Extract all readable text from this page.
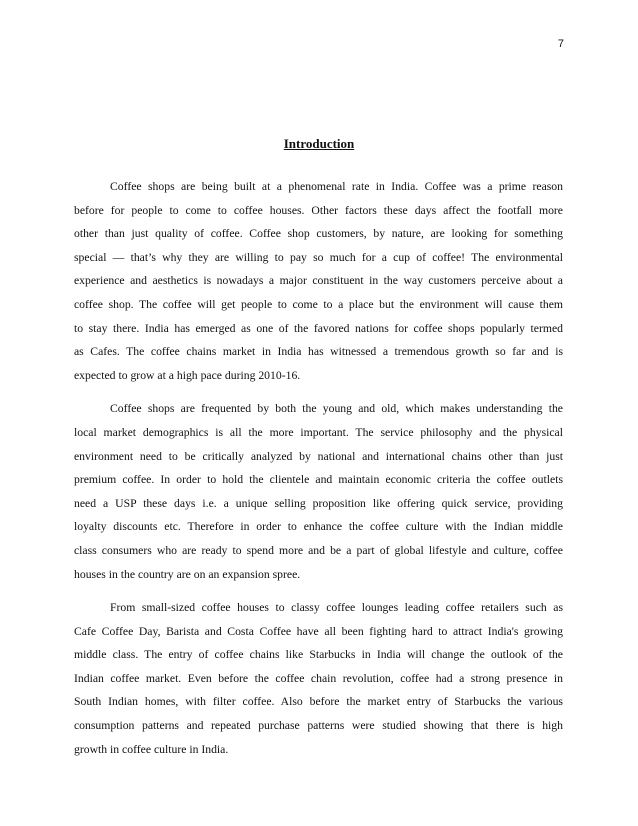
7
Introduction

Coffee shops are being built at a phenomenal rate in India. Coffee was a prime reason
before for people to come to coffee houses. Other factors these days affect the footfall more
other than just quality of coffee. Coffee shop customers, by nature, are looking for something
special — that’s why they are willing to pay so much for a cup of coffee! The environmental
experience and aesthetics is nowadays a major constituent in the way customers perceive about a
coffee shop. The coffee will get people to come to a place but the environment will cause them
to stay there. India has emerged as one of the favored nations for coffee shops popularly termed
as Cafes. The coffee chains market in India has witnessed a tremendous growth so far and is
expected to grow at a high pace during 2010-16.

Coffee shops are frequented by both the young and old, which makes understanding the
local market demographics is all the more important. The service philosophy and the physical
environment need to be critically analyzed by national and international chains other than just
premium coffee. In order to hold the clientele and maintain economic criteria the coffee outlets
need a USP these days i.e. a unique selling proposition like offering quick service, providing
loyalty discounts etc. Therefore in order to enhance the coffee culture with the Indian middle
class consumers who are ready to spend more and be a part of global lifestyle and culture, coffee
houses in the country are on an expansion spree.

From small-sized coffee houses to classy coffee lounges leading coffee retailers such as
Cafe Coffee Day, Barista and Costa Coffee have all been fighting hard to attract India's growing
middle class. The entry of coffee chains like Starbucks in India will change the outlook of the
Indian coffee market. Even before the coffee chain revolution, coffee had a strong presence in
South Indian homes, with filter coffee. Also before the market entry of Starbucks the various
consumption patterns and repeated purchase patterns were studied showing that there is high
growth in coffee culture in India.
